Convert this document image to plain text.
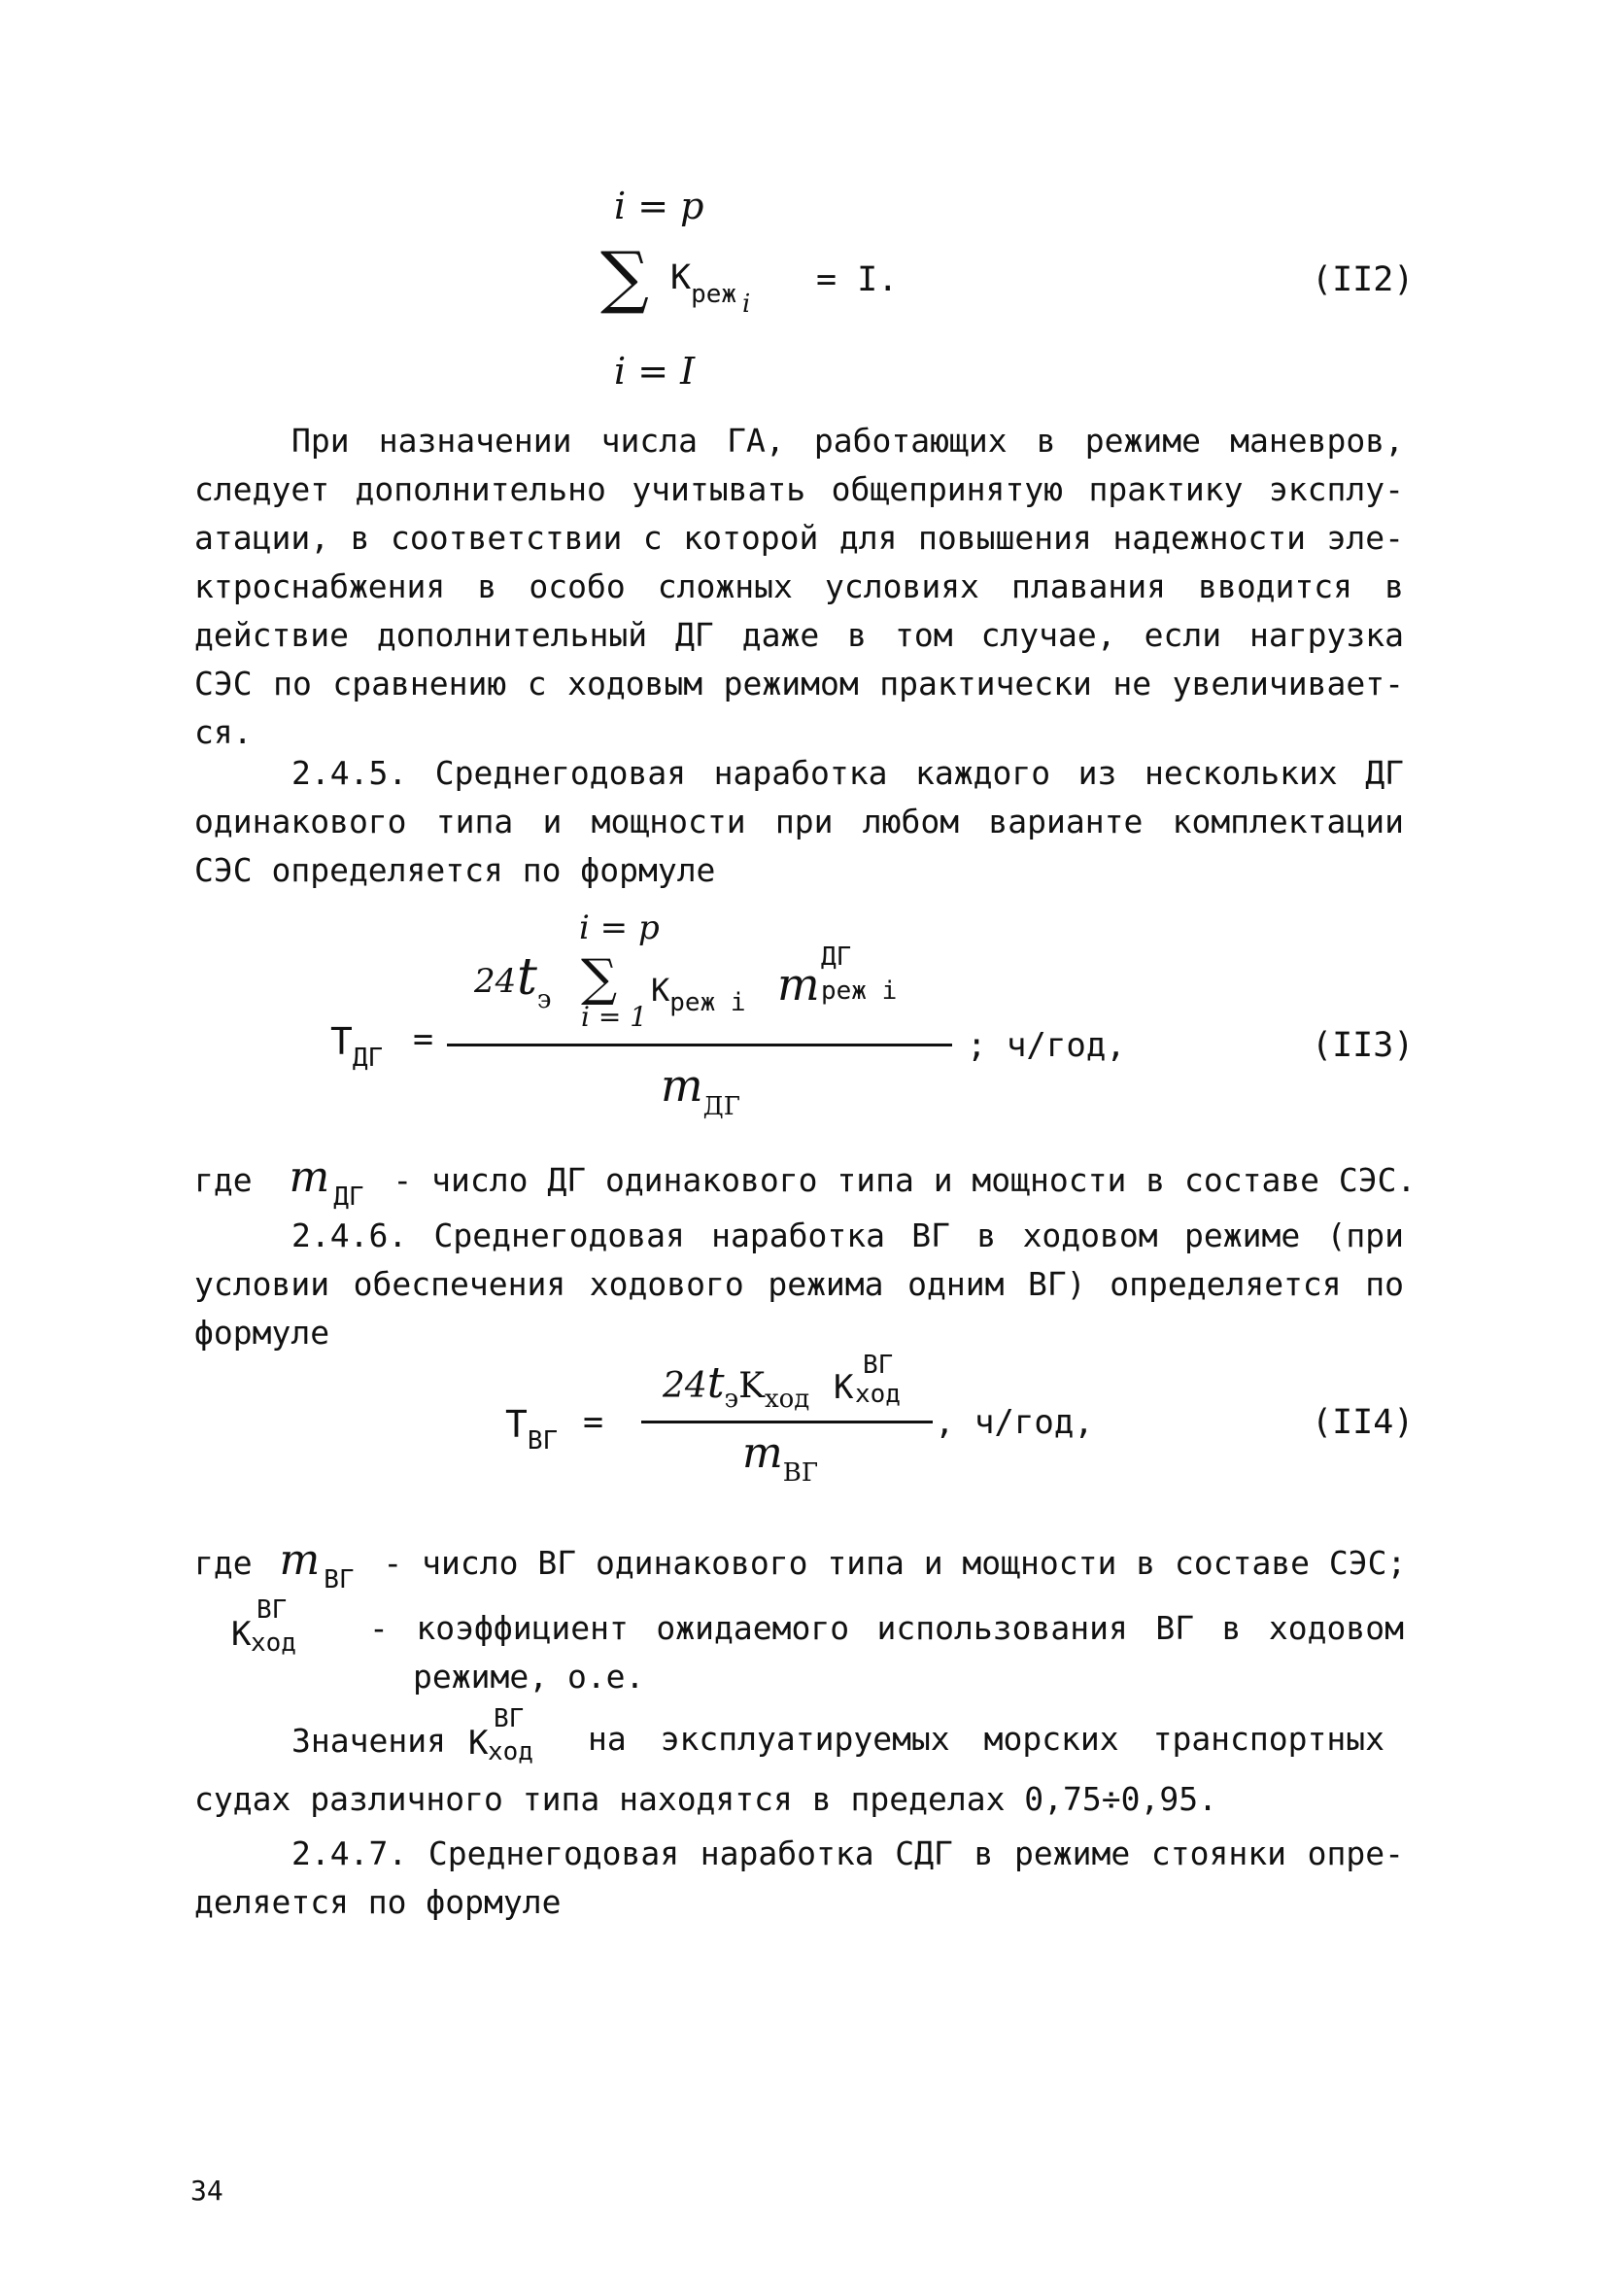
i = p
∑ $K_{реж}$ $_i$
= I.
i = I
(II2)
При назначении числа ГА, работающих в режиме маневров,
следует дополнительно учитывать общепринятую практику эксплу-
атации, в соответствии с которой для повышения надежности эле-
ктроснабжения в особо сложных условиях плавания вводится в
действие дополнительный ДГ даже в том случае, если нагрузка
СЭС по сравнению с ходовым режимом практически не увеличивает-
ся.
2.4.5. Среднегодовая наработка каждого из нескольких ДГ
одинакового типа и мощности при любом варианте комплектации
СЭС определяется по формуле
$T_{ДГ}$ =
i = p
24 $t_э$ ∑
i = 1
$K_{реж i}$ m
ДГ
реж i
$m_{ДГ}$
; ч/год,	(II3)
где m $_{ДГ}$ - число ДГ одинакового типа и мощности в составе СЭС.
2.4.6. Среднегодовая наработка ВГ в ходовом режиме (при
условии обеспечения ходового режима одним ВГ) определяется по
формуле
$T_{ВГ}$ =
$24t_эK_{ход}$ K
ВГ
ход
$m_{ВГ}$
, ч/год,	(II4)
где m $_{ВГ}$ - число ВГ одинакового типа и мощности в составе СЭС;
K
ВГ
ход - коэффициент ожидаемого использования ВГ в ходовом
режиме, о.е.
Значения K
ВГ
ход на эксплуатируемых морских транспортных
судах различного типа находятся в пределах 0,75÷0,95.
2.4.7. Среднегодовая наработка СДГ в режиме стоянки опре-
деляется по формуле
34
